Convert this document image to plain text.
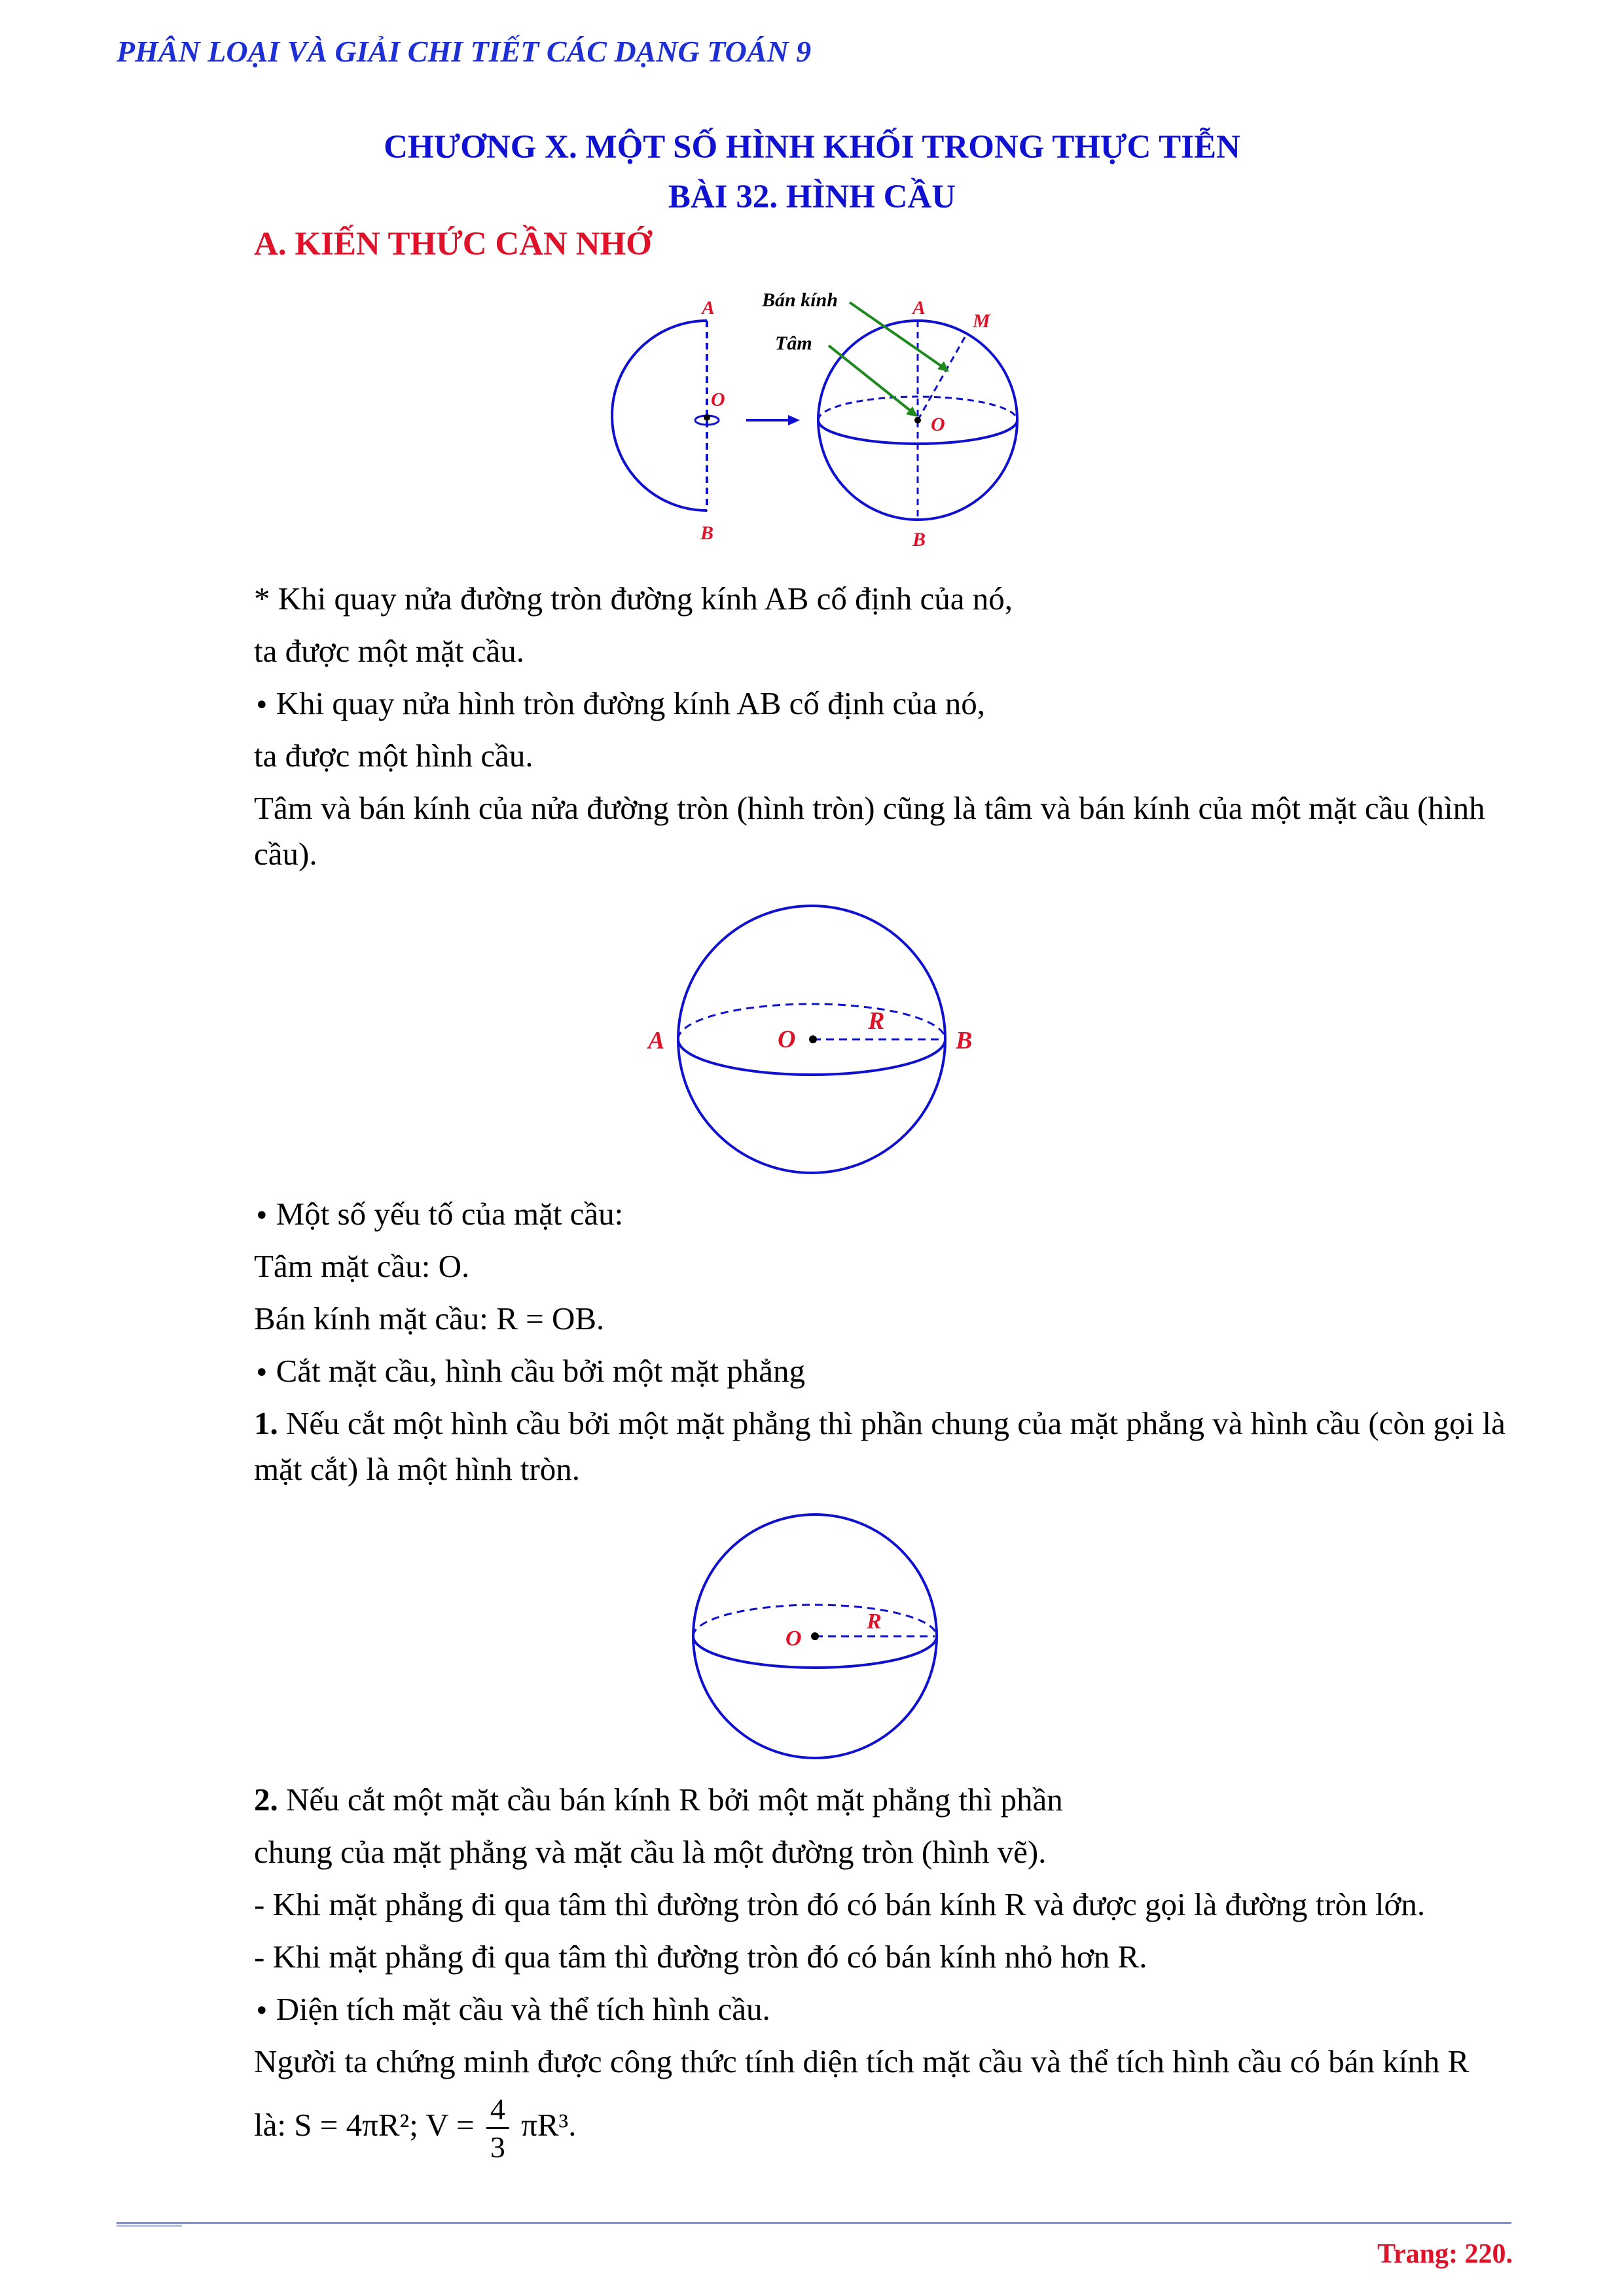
PHÂN LOẠI VÀ GIẢI CHI TIẾT CÁC DẠNG TOÁN 9
CHƯƠNG X. MỘT SỐ HÌNH KHỐI TRONG THỰC TIỄN
BÀI 32. HÌNH CẦU
A. KIẾN THỨC CẦN NHỚ
A
O
B
A
M
O
B
Bán kính
Tâm
* Khi quay nửa đường tròn đường kính AB cố định của nó,
ta được một mặt cầu.
• Khi quay nửa hình tròn đường kính AB cố định của nó,
ta được một hình cầu.
Tâm và bán kính của nửa đường tròn (hình tròn) cũng là tâm và bán kính của một mặt cầu (hình cầu).
A	O
R
B
• Một số yếu tố của mặt cầu:
Tâm mặt cầu: O.
Bán kính mặt cầu: R = OB.
• Cắt mặt cầu, hình cầu bởi một mặt phẳng
1. Nếu cắt một hình cầu bởi một mặt phẳng thì phần chung của mặt phẳng và hình cầu (còn gọi là mặt cắt) là một hình tròn.
O
R
2. Nếu cắt một mặt cầu bán kính R bởi một mặt phẳng thì phần
chung của mặt phẳng và mặt cầu là một đường tròn (hình vẽ).
- Khi mặt phẳng đi qua tâm thì đường tròn đó có bán kính R và được gọi là đường tròn lớn.
- Khi mặt phẳng đi qua tâm thì đường tròn đó có bán kính nhỏ hơn R.
• Diện tích mặt cầu và thể tích hình cầu.
Người ta chứng minh được công thức tính diện tích mặt cầu và thể tích hình cầu có bán kính R
là: S = 4πR²; $V = \frac{4}{3} \pi R^3$.
Trang: 220.
